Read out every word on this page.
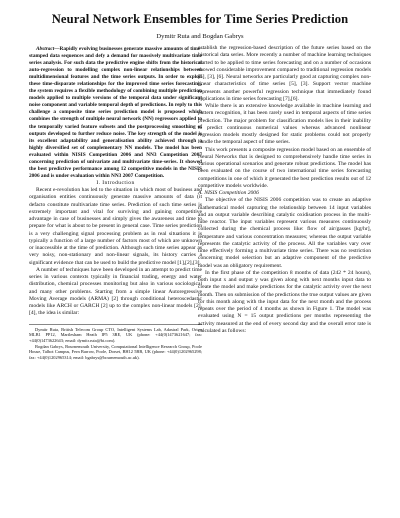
Neural Network Ensembles for Time Series Prediction
Dymitr Ruta and Bogdan Gabrys

Abstract—Rapidly evolving businesses generate massive amounts of time-stamped data sequences and defy a demand for massively multivariate time series analysis. For such data the predictive engine shifts from the historical auto-regression to modelling complex non-linear relationships between multidimensional features and the time series outputs. In order to exploit these time-disparate relationships for the improved time series forecasting, the system requires a flexible methodology of combining multiple prediction models applied to multiple versions of the temporal data under significant noise component and variable temporal depth of predictions. In reply to this challenge a composite time series prediction model is proposed which combines the strength of multiple neural network (NN) regressors applied to the temporally varied feature subsets and the postprocessing smoothing of outputs developed to further reduce noise. The key strength of the model is its excellent adaptability and generalisation ability achieved through a highly diversified set of complementary NN models. The model has been evaluated within NISIS Competition 2006 and NN3 Competition 2007 concerning prediction of univariate and multivariate time-series. It showed the best predictive performance among 12 competitive models in the NISIS 2006 and is under evaluation within NN3 2007 Competition.

I. Introduction

Recent e-revolution has led to the situation in which most of business and organisation entities continuously generate massive amounts of data (it defacto constitute multivariate time series. Prediction of such time series is extremely important and vital for surviving and gaining competitive advantage in case of businesses and simply gives the awareness and time to prepare for what is about to be present in general case. Time series prediction is a very challenging signal processing problem as in real situations it is typically a function of a large number of factors most of which are unknown or inaccessible at the time of prediction. Although such time series appear as very noisy, non-stationary and non-linear signals, its history carries a significant evidence that can be used to build the predictive model [1],[2],[3].

A number of techniques have been developed in an attempt to predict time series in various contexts typically in financial trading, energy and water distribution, chemical processes monitoring but also in various sociological and many other problems. Starting from a simple linear Autoregressive Moving Average models (ARMA) [2] through conditional heteroscedastic models like ARCH or GARCH [2] up to the complex non-linear models [2],[4], the idea is similar:

Dymitr Ruta, British Telecom Group CTO, Intelligent Systems Lab, Adastral Park, Orion MLB1 PP12, Martlesham Heath IP5 3RE, UK (phone: +44(0)1473621647; fax: +44(0)1473622643; email: dymitr.ruta@bt.com).

Bogdan Gabrys, Bournemouth University, Computational Intelligence Research Group, Poole House, Talbot Campus, Fern Barrow, Poole, Dorset, BH12 5BB, UK (phone: +44(0)1202965298; fax: +44(0)1202965314; email: bgabrys@bournemouth.ac.uk).

establish the regression-based description of the future series based on the historical data series. More recently a number of machine learning techniques started to be applied to time series forecasting and on a number of occasions showed considerable improvement compared to traditional regression models [5], [3], [6]. Neural networks are particularly good at capturing complex non-linear characteristics of time series [5], [3]. Support vector machine represents another powerful regression technique that immediately found applications in time series forecasting [7],[6].

While there is an extensive knowledge available in machine learning and pattern recognition, it has been rarely used in temporal aspects of time series prediction. The major problem for classification models lies in their inability to predict continuous numerical values whereas advanced nonlinear regression models mostly designed for static problems could not properly handle the temporal aspect of time series.

This work presents a composite regression model based on an ensemble of Neural Networks that is designed to comprehensively handle time series in various operational scenarios and generate robust predictions. The model has been evaluated on the course of two international time series forecasting competitions in one of which it generated the best prediction results out of 12 competitive models worldwide.

A. NISIS Competition 2006

The objective of the NISIS 2006 competition was to create an adaptive mathematical model capturing the relationship between 14 input variables and an output variable describing catalytic oxidisation process in the multi-tube reactor. The input variables represent various measures continuously collected during the chemical process like: flow of air/gasses [kg/hr], temperature and various concentration measures; whereas the output variable represents the catalytic activity of the process. All the variables vary over time effectively forming a multivariate time series. There was no restriction concerning model selection but an adaptive component of the predictive model was an obligatory requirement.

In the first phase of the competition 8 months of data (242 * 24 hours), both input x and output y was given along with next months input data to create the model and make predictions for the catalytic activity over the next month. Then on submission of the predictions the true output values are given for this month along with the input data for the next month and the process repeats over the period of 4 months as shown in Figure 1. The model was evaluated using N = 15 output predictions per months representing the activity measured at the end of every second day and the overall error rate is calculated as follows:
